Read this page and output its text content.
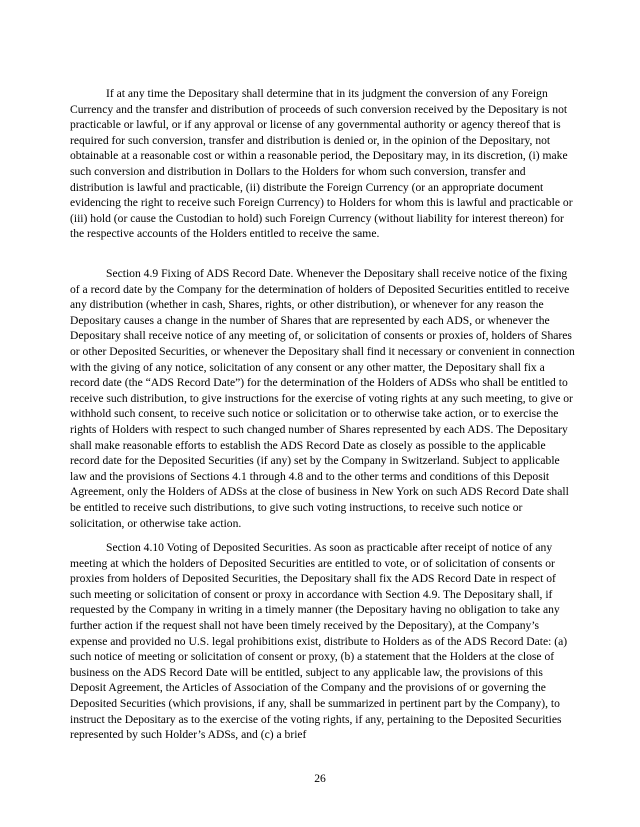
If at any time the Depositary shall determine that in its judgment the conversion of any Foreign Currency and the transfer and distribution of proceeds of such conversion received by the Depositary is not practicable or lawful, or if any approval or license of any governmental authority or agency thereof that is required for such conversion, transfer and distribution is denied or, in the opinion of the Depositary, not obtainable at a reasonable cost or within a reasonable period, the Depositary may, in its discretion, (i) make such conversion and distribution in Dollars to the Holders for whom such conversion, transfer and distribution is lawful and practicable, (ii) distribute the Foreign Currency (or an appropriate document evidencing the right to receive such Foreign Currency) to Holders for whom this is lawful and practicable or (iii) hold (or cause the Custodian to hold) such Foreign Currency (without liability for interest thereon) for the respective accounts of the Holders entitled to receive the same.

Section 4.9 Fixing of ADS Record Date. Whenever the Depositary shall receive notice of the fixing of a record date by the Company for the determination of holders of Deposited Securities entitled to receive any distribution (whether in cash, Shares, rights, or other distribution), or whenever for any reason the Depositary causes a change in the number of Shares that are represented by each ADS, or whenever the Depositary shall receive notice of any meeting of, or solicitation of consents or proxies of, holders of Shares or other Deposited Securities, or whenever the Depositary shall find it necessary or convenient in connection with the giving of any notice, solicitation of any consent or any other matter, the Depositary shall fix a record date (the “ADS Record Date”) for the determination of the Holders of ADSs who shall be entitled to receive such distribution, to give instructions for the exercise of voting rights at any such meeting, to give or withhold such consent, to receive such notice or solicitation or to otherwise take action, or to exercise the rights of Holders with respect to such changed number of Shares represented by each ADS. The Depositary shall make reasonable efforts to establish the ADS Record Date as closely as possible to the applicable record date for the Deposited Securities (if any) set by the Company in Switzerland. Subject to applicable law and the provisions of Sections 4.1 through 4.8 and to the other terms and conditions of this Deposit Agreement, only the Holders of ADSs at the close of business in New York on such ADS Record Date shall be entitled to receive such distributions, to give such voting instructions, to receive such notice or solicitation, or otherwise take action.

Section 4.10 Voting of Deposited Securities. As soon as practicable after receipt of notice of any meeting at which the holders of Deposited Securities are entitled to vote, or of solicitation of consents or proxies from holders of Deposited Securities, the Depositary shall fix the ADS Record Date in respect of such meeting or solicitation of consent or proxy in accordance with Section 4.9. The Depositary shall, if requested by the Company in writing in a timely manner (the Depositary having no obligation to take any further action if the request shall not have been timely received by the Depositary), at the Company’s expense and provided no U.S. legal prohibitions exist, distribute to Holders as of the ADS Record Date: (a) such notice of meeting or solicitation of consent or proxy, (b) a statement that the Holders at the close of business on the ADS Record Date will be entitled, subject to any applicable law, the provisions of this Deposit Agreement, the Articles of Association of the Company and the provisions of or governing the Deposited Securities (which provisions, if any, shall be summarized in pertinent part by the Company), to instruct the Depositary as to the exercise of the voting rights, if any, pertaining to the Deposited Securities represented by such Holder’s ADSs, and (c) a brief

26
